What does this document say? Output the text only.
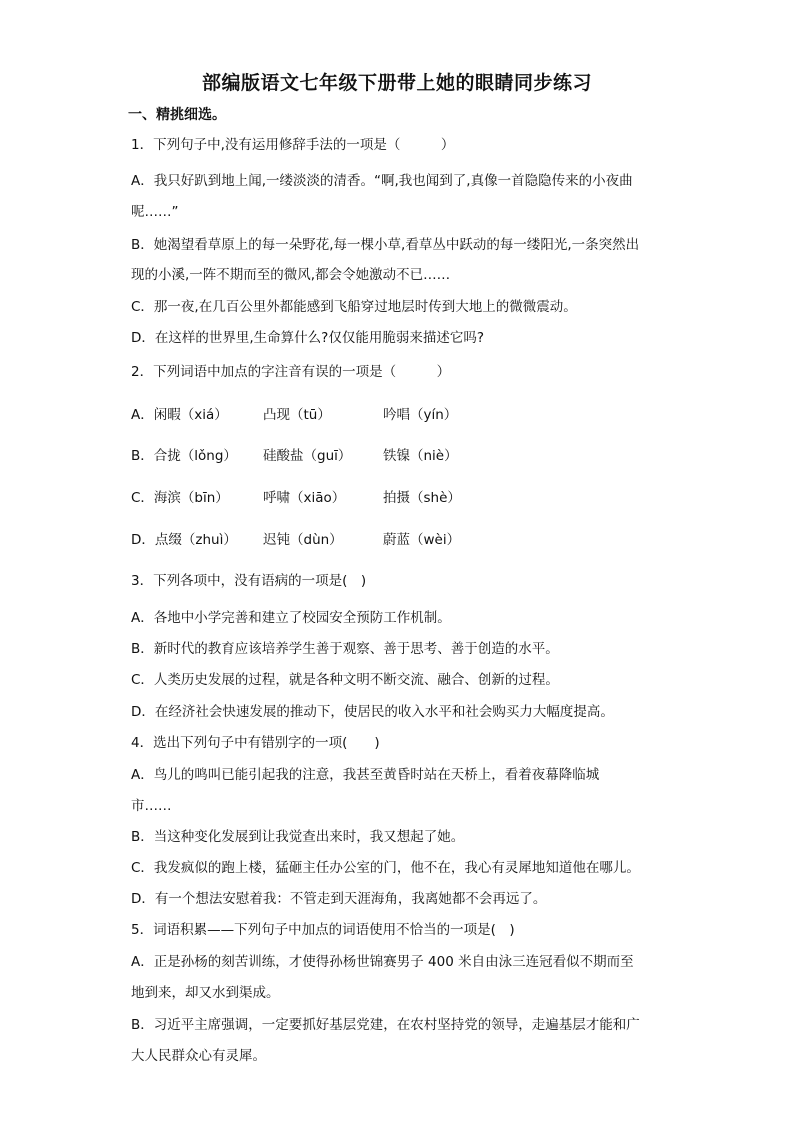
部编版语文七年级下册带上她的眼睛同步练习
一、精挑细选。
1．下列句子中,没有运用修辞手法的一项是（　　　）
A．我只好趴到地上闻,一缕淡淡的清香。“啊,我也闻到了,真像一首隐隐传来的小夜曲
呢……”
B．她渴望看草原上的每一朵野花,每一棵小草,看草丛中跃动的每一缕阳光,一条突然出
现的小溪,一阵不期而至的微风,都会令她激动不已……
C．那一夜,在几百公里外都能感到飞船穿过地层时传到大地上的微微震动。
D．在这样的世界里,生命算什么?仅仅能用脆弱来描述它吗?
2．下列词语中加点的字注音有误的一项是（　　　）
A．闲暇（xiá）	凸现（tū）	吟唱（yín）
B．合拢（lǒng） 硅酸盐（guī） 铁镍（niè）
C．海滨（bīn）	呼啸（xiāo）	拍摄（shè）
D．点缀（zhuì） 迟钝（dùn）	蔚蓝（wèi）
3．下列各项中，没有语病的一项是(　)
A．各地中小学完善和建立了校园安全预防工作机制。
B．新时代的教育应该培养学生善于观察、善于思考、善于创造的水平。
C．人类历史发展的过程，就是各种文明不断交流、融合、创新的过程。
D．在经济社会快速发展的推动下，使居民的收入水平和社会购买力大幅度提高。
4．选出下列句子中有错别字的一项(　　)
A．鸟儿的鸣叫已能引起我的注意，我甚至黄昏时站在天桥上，看着夜幕降临城
市……
B．当这种变化发展到让我觉查出来时，我又想起了她。
C．我发疯似的跑上楼，猛砸主任办公室的门，他不在，我心有灵犀地知道他在哪儿。
D．有一个想法安慰着我：不管走到天涯海角，我离她都不会再远了。
5．词语积累——下列句子中加点的词语使用不恰当的一项是(　)
A．正是孙杨的刻苦训练，才使得孙杨世锦赛男子 400 米自由泳三连冠看似不期而至
地到来，却又水到渠成。
B．习近平主席强调，一定要抓好基层党建，在农村坚持党的领导，走遍基层才能和广
大人民群众心有灵犀。
